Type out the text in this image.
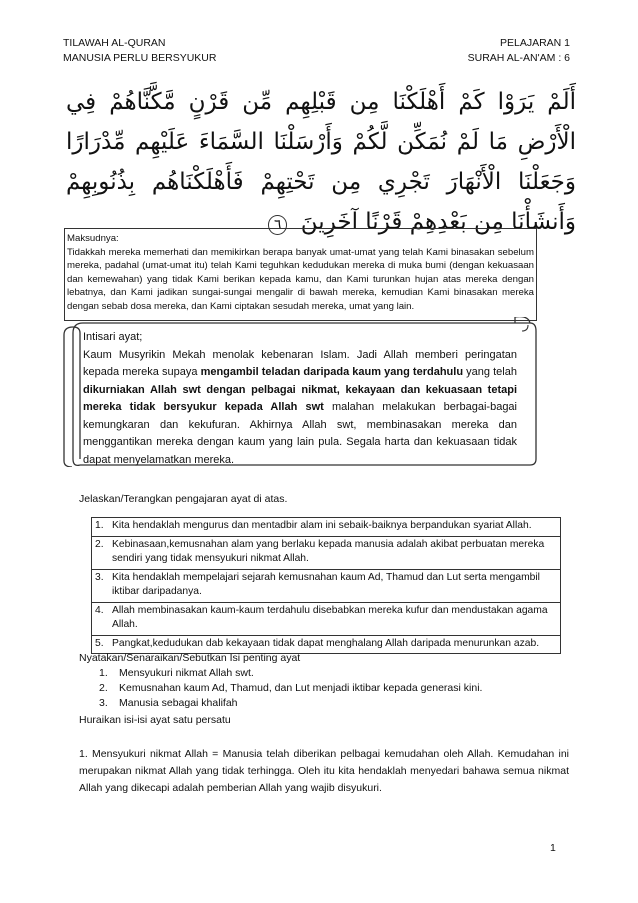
TILAWAH AL-QURAN
MANUSIA PERLU BERSYUKUR
PELAJARAN 1
SURAH AL-AN'AM : 6
أَلَمْ يَرَوْا كَمْ أَهْلَكْنَا مِن قَبْلِهِم مِّن قَرْنٍ مَّكَّنَّاهُمْ فِي الْأَرْضِ مَا لَمْ نُمَكِّن لَّكُمْ وَأَرْسَلْنَا السَّمَاءَ عَلَيْهِم مِّدْرَارًا وَجَعَلْنَا الْأَنْهَارَ تَجْرِي مِن تَحْتِهِمْ فَأَهْلَكْنَاهُم بِذُنُوبِهِمْ وَأَنشَأْنَا مِن بَعْدِهِمْ قَرْنًا آخَرِينَ ٦
Maksudnya:
Tidakkah mereka memerhati dan memikirkan berapa banyak umat-umat yang telah Kami binasakan sebelum mereka, padahal (umat-umat itu) telah Kami teguhkan kedudukan mereka di muka bumi (dengan kekuasaan dan kemewahan) yang tidak Kami berikan kepada kamu, dan Kami turunkan hujan atas mereka dengan lebatnya, dan Kami jadikan sungai-sungai mengalir di bawah mereka, kemudian Kami binasakan mereka dengan sebab dosa mereka, dan Kami ciptakan sesudah mereka, umat yang lain.
Intisari ayat;
Kaum Musyrikin Mekah menolak kebenaran Islam. Jadi Allah memberi peringatan kepada mereka supaya mengambil teladan daripada kaum yang terdahulu yang telah dikurniakan Allah swt dengan pelbagai nikmat, kekayaan dan kekuasaan tetapi mereka tidak bersyukur kepada Allah swt malahan melakukan berbagai-bagai kemungkaran dan kekufuran. Akhirnya Allah swt, membinasakan mereka dan menggantikan mereka dengan kaum yang lain pula. Segala harta dan kekuasaan tidak dapat menyelamatkan mereka.
Jelaskan/Terangkan pengajaran ayat di atas.
1.	Kita hendaklah mengurus dan mentadbir alam ini sebaik-baiknya berpandukan syariat Allah.
2.	Kebinasaan,kemusnahan alam yang berlaku kepada manusia adalah akibat perbuatan mereka sendiri yang tidak mensyukuri nikmat Allah.
3.	Kita hendaklah mempelajari sejarah kemusnahan kaum Ad, Thamud dan Lut serta mengambil iktibar daripadanya.
4.	Allah membinasakan kaum-kaum terdahulu disebabkan mereka kufur dan mendustakan agama Allah.
5.	Pangkat,kedudukan dab kekayaan tidak dapat menghalang Allah daripada menurunkan azab.
Nyatakan/Senaraikan/Sebutkan Isi penting ayat
1.	Mensyukuri nikmat Allah swt.
2.	Kemusnahan kaum Ad, Thamud, dan Lut menjadi iktibar kepada generasi kini.
3.	Manusia sebagai khalifah
Huraikan isi-isi ayat satu persatu
1. Mensyukuri nikmat Allah = Manusia telah diberikan pelbagai kemudahan oleh Allah. Kemudahan ini merupakan nikmat Allah yang tidak terhingga. Oleh itu kita hendaklah menyedari bahawa semua nikmat Allah yang dikecapi adalah pemberian Allah yang wajib disyukuri.
1
